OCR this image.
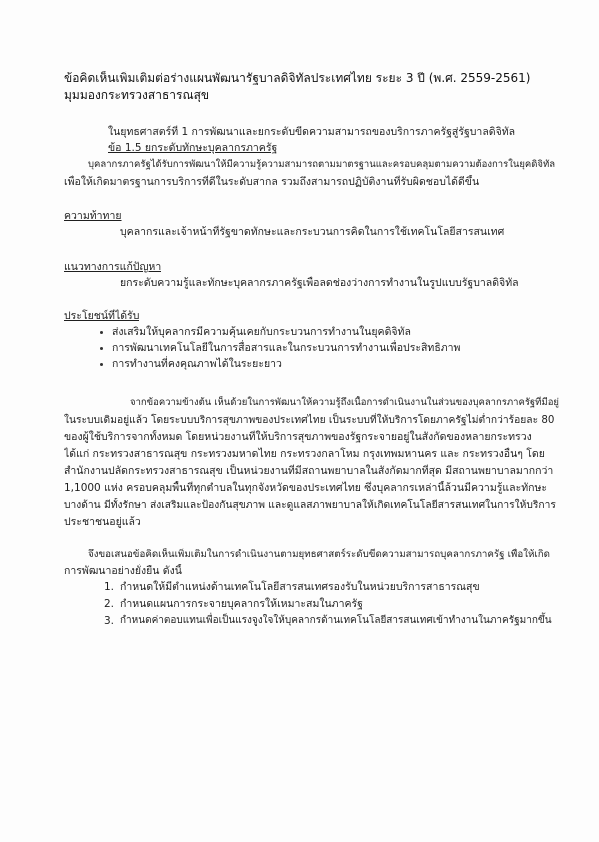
ข้อคิดเห็นเพิ่มเติมต่อร่างแผนพัฒนารัฐบาลดิจิทัลประเทศไทย ระยะ 3 ปี (พ.ศ. 2559-2561)
มุมมองกระทรวงสาธารณสุข
ในยุทธศาสตร์ที่ 1 การพัฒนาและยกระดับขีดความสามารถของบริการภาครัฐสู่รัฐบาลดิจิทัล
ข้อ 1.5 ยกระดับทักษะบุคลากรภาครัฐ
บุคลากรภาครัฐได้รับการพัฒนาให้มีความรู้ความสามารถตามมาตรฐานและครอบคลุมตามความต้องการในยุคดิจิทัล
เพื่อให้เกิดมาตรฐานการบริการที่ดีในระดับสากล รวมถึงสามารถปฏิบัติงานที่รับผิดชอบได้ดีขึ้น
ความท้าทาย
บุคลากรและเจ้าหน้าที่รัฐขาดทักษะและกระบวนการคิดในการใช้เทคโนโลยีสารสนเทศ
แนวทางการแก้ปัญหา
ยกระดับความรู้และทักษะบุคลากรภาครัฐเพื่อลดช่องว่างการทำงานในรูปแบบรัฐบาลดิจิทัล
ประโยชน์ที่ได้รับ
ส่งเสริมให้บุคลากรมีความคุ้นเคยกับกระบวนการทำงานในยุคดิจิทัล
การพัฒนาเทคโนโลยีในการสื่อสารและในกระบวนการทำงานเพื่อประสิทธิภาพ
การทำงานที่คงคุณภาพได้ในระยะยาว
จากข้อความข้างต้น เห็นด้วยในการพัฒนาให้ความรู้ถึงเนื้อการดำเนินงานในส่วนของบุคลากรภาครัฐที่มีอยู่
ในระบบเดิมอยู่แล้ว โดยระบบบริการสุขภาพของประเทศไทย เป็นระบบที่ให้บริการโดยภาครัฐไม่ต่ำกว่าร้อยละ 80
ของผู้ใช้บริการจากทั้งหมด โดยหน่วยงานที่ให้บริการสุขภาพของรัฐกระจายอยู่ในสังกัดของหลายกระทรวง
ได้แก่ กระทรวงสาธารณสุข กระทรวงมหาดไทย กระทรวงกลาโหม กรุงเทพมหานคร และ กระทรวงอื่นๆ โดย
สำนักงานปลัดกระทรวงสาธารณสุข เป็นหน่วยงานที่มีสถานพยาบาลในสังกัดมากที่สุด มีสถานพยาบาลมากกว่า
1,1000 แห่ง ครอบคลุมพื้นที่ทุกตำบลในทุกจังหวัดของประเทศไทย ซึ่งบุคลากรเหล่านี้ล้วนมีความรู้และทักษะ
บางด้าน มีทั้งรักษา ส่งเสริมและป้องกันสุขภาพ และดูแลสภาพยาบาลให้เกิดเทคโนโลยีสารสนเทศในการให้บริการ
ประชาชนอยู่แล้ว
จึงขอเสนอข้อคิดเห็นเพิ่มเติมในการดำเนินงานตามยุทธศาสตร์ระดับขีดความสามารถบุคลากรภาครัฐ เพื่อให้เกิด
การพัฒนาอย่างยั่งยืน ดังนี้
1. กำหนดให้มีตำแหน่งด้านเทคโนโลยีสารสนเทศรองรับในหน่วยบริการสาธารณสุข
2. กำหนดแผนการกระจายบุคลากรให้เหมาะสมในภาครัฐ
3. กำหนดค่าตอบแทนเพื่อเป็นแรงจูงใจให้บุคลากรด้านเทคโนโลยีสารสนเทศเข้าทำงานในภาครัฐมากขึ้น
